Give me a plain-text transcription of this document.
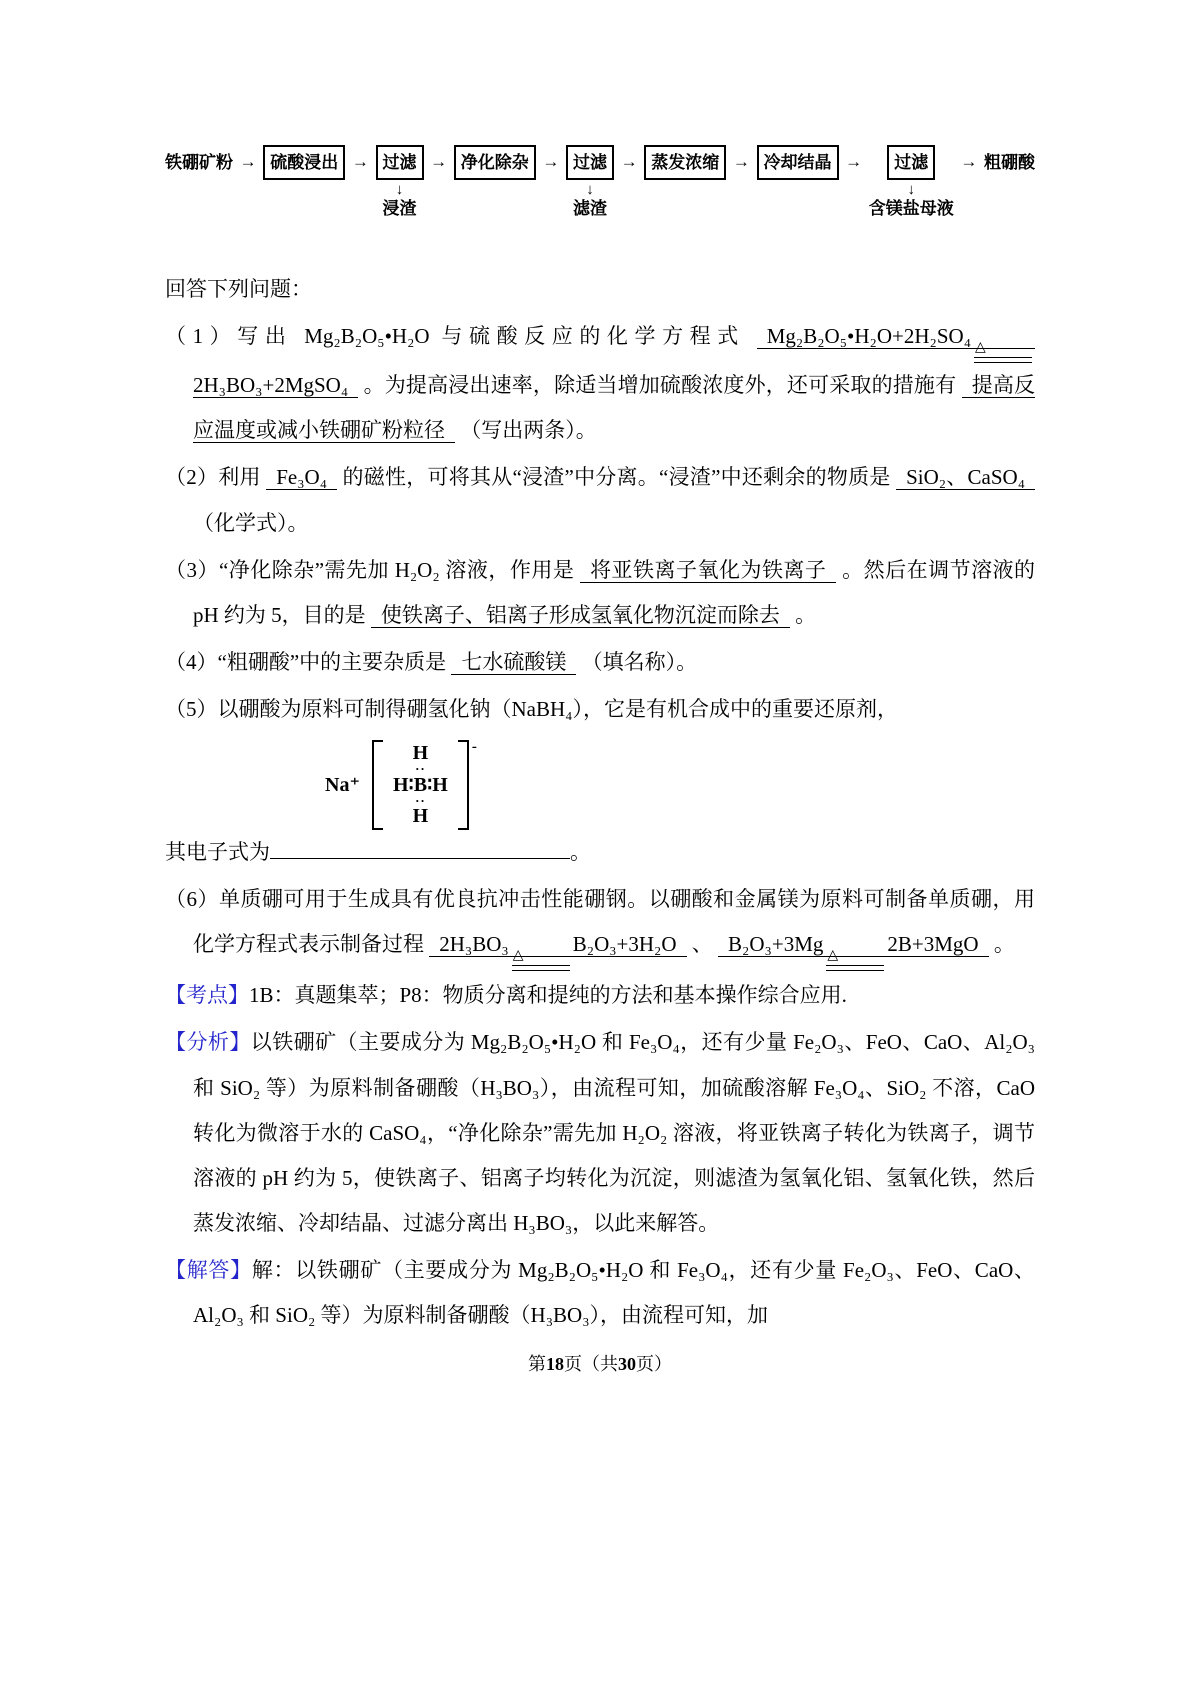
铁硼矿粉 → 硫酸浸出 → 过滤
↓
浸渣
→ 净化除杂 → 过滤
↓
滤渣
→ 蒸发浓缩 → 冷却结晶 →	过滤
↓
含镁盐母液
→ 粗硼酸

回答下列问题：

（1）写出 Mg₂B₂O₅•H₂O 与硫酸反应的化学方程式 Mg₂B₂O₅•H₂O+2H₂SO₄ △
2H₃BO₃+2MgSO₄ 。为提高浸出速率，除适当增加硫酸浓度外，还可采取的措施有 提高反应温度或减小铁硼矿粉粒径 （写出两条）。

（2）利用 Fe₃O₄ 的磁性，可将其从“浸渣”中分离。“浸渣”中还剩余的物质是 SiO₂、CaSO₄ （化学式）。

（3）“净化除杂”需先加 H₂O₂ 溶液，作用是 将亚铁离子氧化为铁离子 。然后在调节溶液的 pH 约为 5，目的是 使铁离子、铝离子形成氢氧化物沉淀而除去 。

（4）“粗硼酸”中的主要杂质是 七水硫酸镁 （填名称）。

（5）以硼酸为原料可制得硼氢化钠（NaBH₄），它是有机合成中的重要还原剂，

Na⁺
H
··
H∶B∶H
··
H
-

其电子式为	。

（6）单质硼可用于生成具有优良抗冲击性能硼钢。以硼酸和金属镁为原料可制备单质硼，用化学方程式表示制备过程 2H₃BO₃ △	B₂O₃+3H₂O 、 B₂O₃+3Mg △	2B+3MgO 。

【考点】1B：真题集萃；P8：物质分离和提纯的方法和基本操作综合应用.

【分析】以铁硼矿（主要成分为 Mg₂B₂O₅•H₂O 和 Fe₃O₄，还有少量 Fe₂O₃、FeO、CaO、Al₂O₃ 和 SiO₂ 等）为原料制备硼酸（H₃BO₃），由流程可知，加硫酸溶解 Fe₃O₄、SiO₂ 不溶，CaO 转化为微溶于水的 CaSO₄，“净化除杂”需先加 H₂O₂ 溶液，将亚铁离子转化为铁离子，调节溶液的 pH 约为 5，使铁离子、铝离子均转化为沉淀，则滤渣为氢氧化铝、氢氧化铁，然后蒸发浓缩、冷却结晶、过滤分离出 H₃BO₃，以此来解答。

【解答】解：以铁硼矿（主要成分为 Mg₂B₂O₅•H₂O 和 Fe₃O₄，还有少量 Fe₂O₃、FeO、CaO、Al₂O₃ 和 SiO₂ 等）为原料制备硼酸（H₃BO₃），由流程可知，加

第18页（共30页）
